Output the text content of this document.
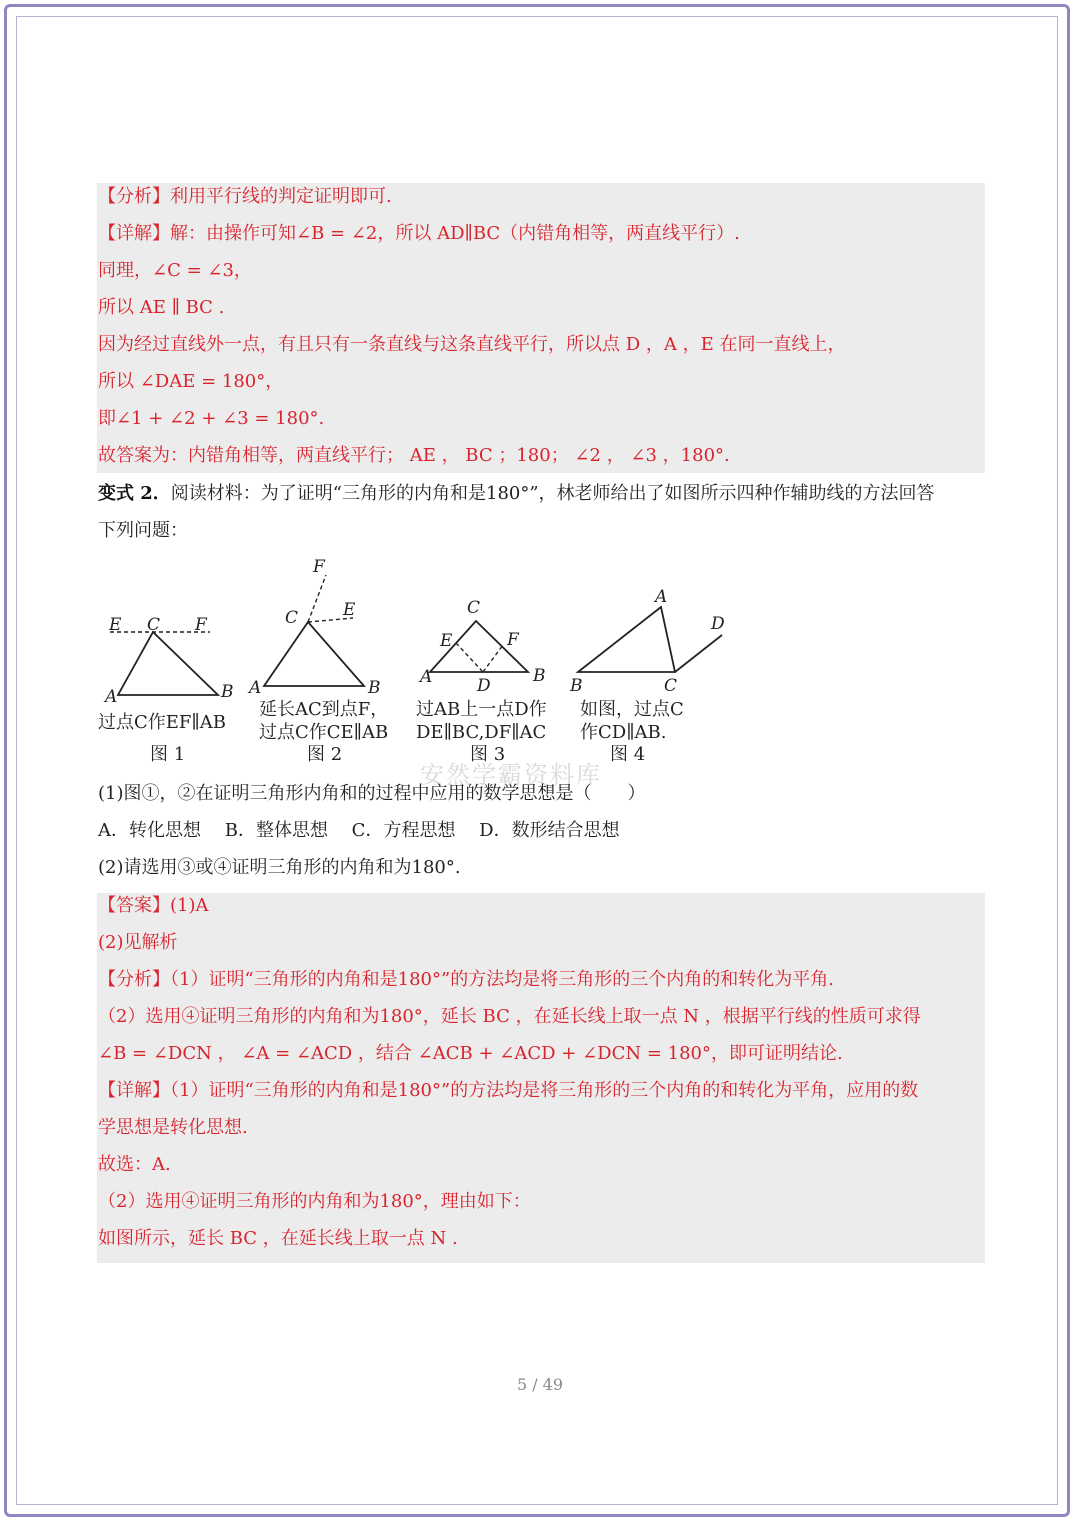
【分析】利用平行线的判定证明即可.
【详解】解：由操作可知∠B = ∠2，所以 AD∥BC（内错角相等，两直线平行）.
同理，∠C = ∠3，
所以 AE ∥ BC .
因为经过直线外一点，有且只有一条直线与这条直线平行，所以点 D ，A ，E 在同一直线上，
所以 ∠DAE = 180°，
即∠1 + ∠2 + ∠3 = 180°.
故答案为：内错角相等，两直线平行； AE ， BC ；180； ∠2 ， ∠3 ，180°.
变式 2．阅读材料：为了证明“三角形的内角和是180°”，林老师给出了如图所示四种作辅助线的方法回答
下列问题：
E C F
A	B
F
C	E
A	B
C
E	F
A	D B
A
D
B	C
过点C作EF∥AB
图 1
延长AC到点F，
过点C作CE∥AB
图 2
过AB上一点D作
DE∥BC,DF∥AC
图 3
如图，过点C
作CD∥AB.
图 4
安然学霸资料库
(1)图①，②在证明三角形内角和的过程中应用的数学思想是（　　）
A．转化思想　 B．整体思想　 C．方程思想　 D．数形结合思想
(2)请选用③或④证明三角形的内角和为180°.
【答案】(1)A
(2)见解析
【分析】（1）证明“三角形的内角和是180°”的方法均是将三角形的三个内角的和转化为平角.
（2）选用④证明三角形的内角和为180°，延长 BC ，在延长线上取一点 N ，根据平行线的性质可求得
∠B = ∠DCN ， ∠A = ∠ACD ，结合 ∠ACB + ∠ACD + ∠DCN = 180°，即可证明结论.
【详解】（1）证明“三角形的内角和是180°”的方法均是将三角形的三个内角的和转化为平角，应用的数
学思想是转化思想.
故选：A.
（2）选用④证明三角形的内角和为180°，理由如下：
如图所示，延长 BC ，在延长线上取一点 N .
5 / 49
